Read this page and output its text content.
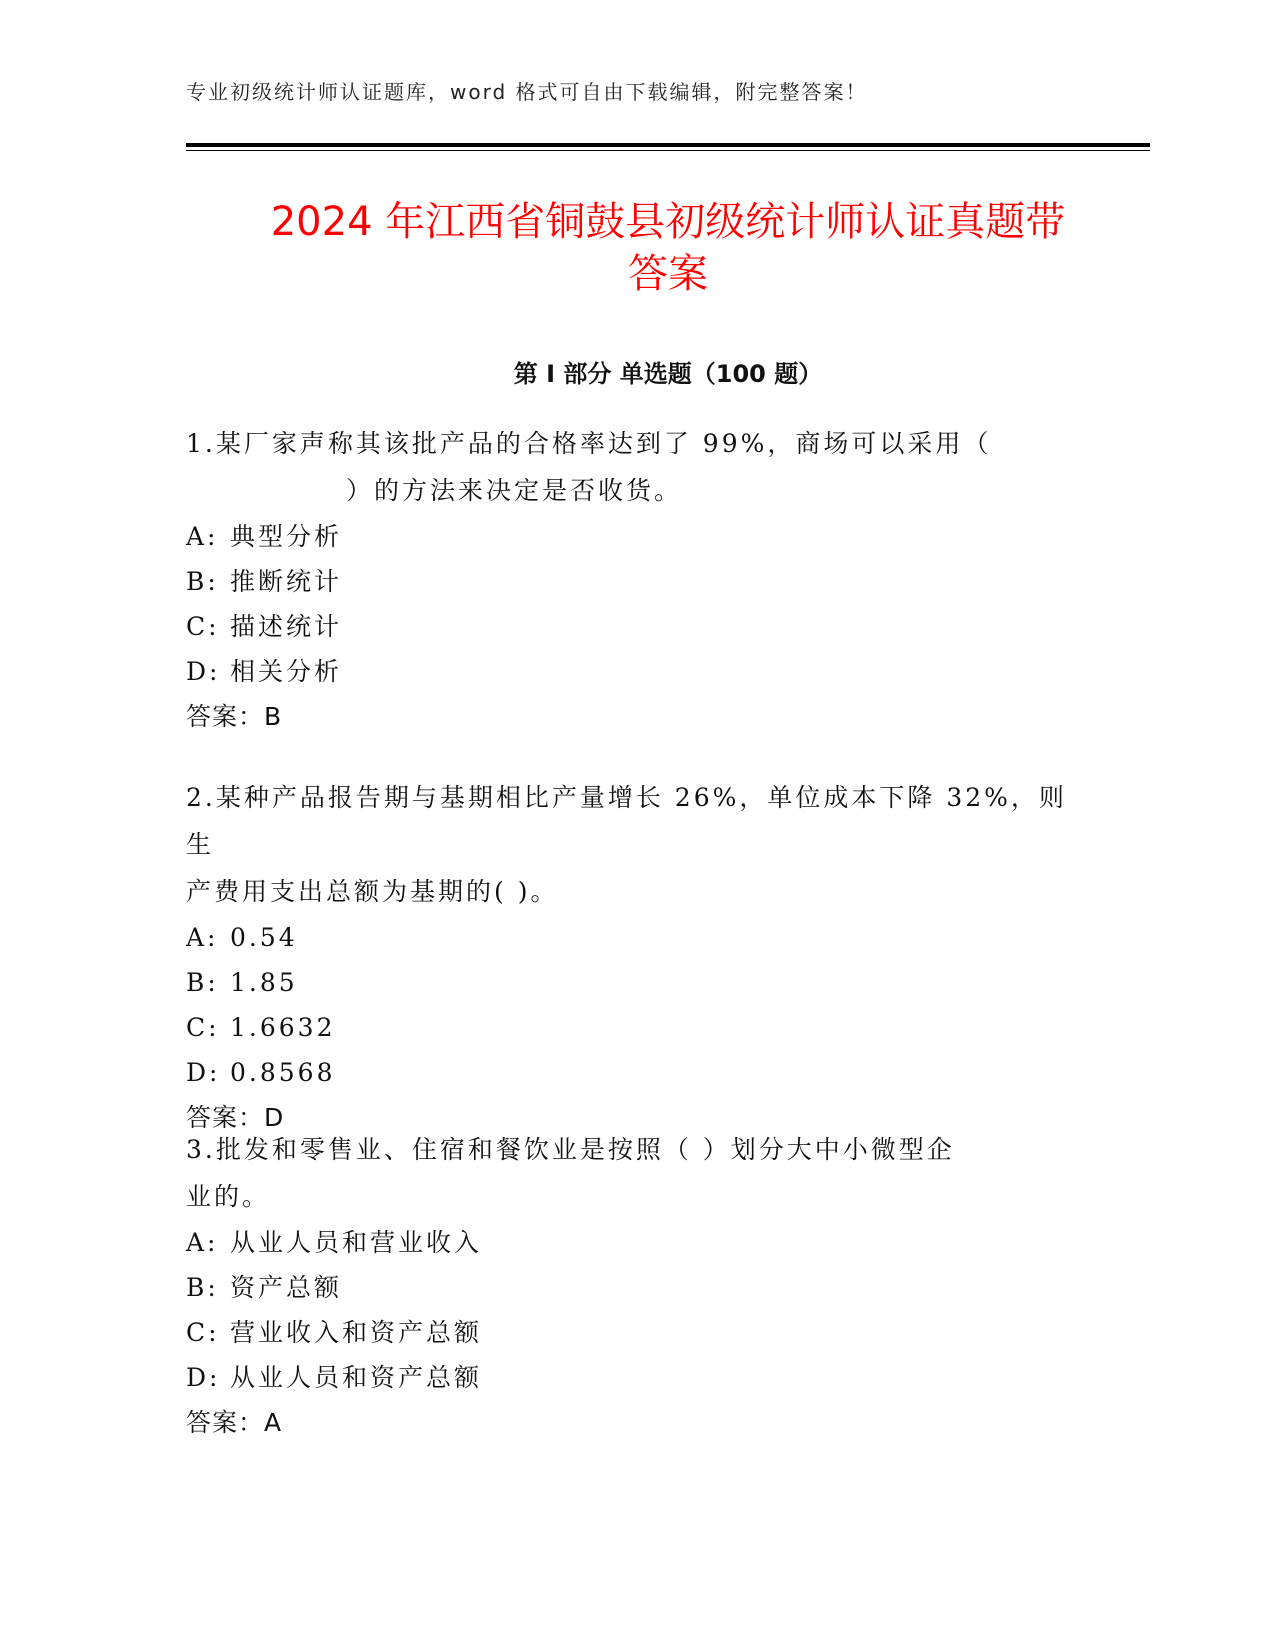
专业初级统计师认证题库，word 格式可自由下载编辑，附完整答案！
2024 年江西省铜鼓县初级统计师认证真题带
答案
第 I 部分 单选题（100 题）

1.某厂家声称其该批产品的合格率达到了 99%，商场可以采用（
）的方法来决定是否收货。

A: 典型分析

B: 推断统计

C: 描述统计

D: 相关分析

答案：B

2.某种产品报告期与基期相比产量增长 26%，单位成本下降 32%，则生
产费用支出总额为基期的( )。

A: 0.54

B: 1.85

C: 1.6632

D: 0.8568

答案：D

3.批发和零售业、住宿和餐饮业是按照（ ）划分大中小微型企
业的。

A: 从业人员和营业收入

B: 资产总额

C: 营业收入和资产总额

D: 从业人员和资产总额

答案：A
